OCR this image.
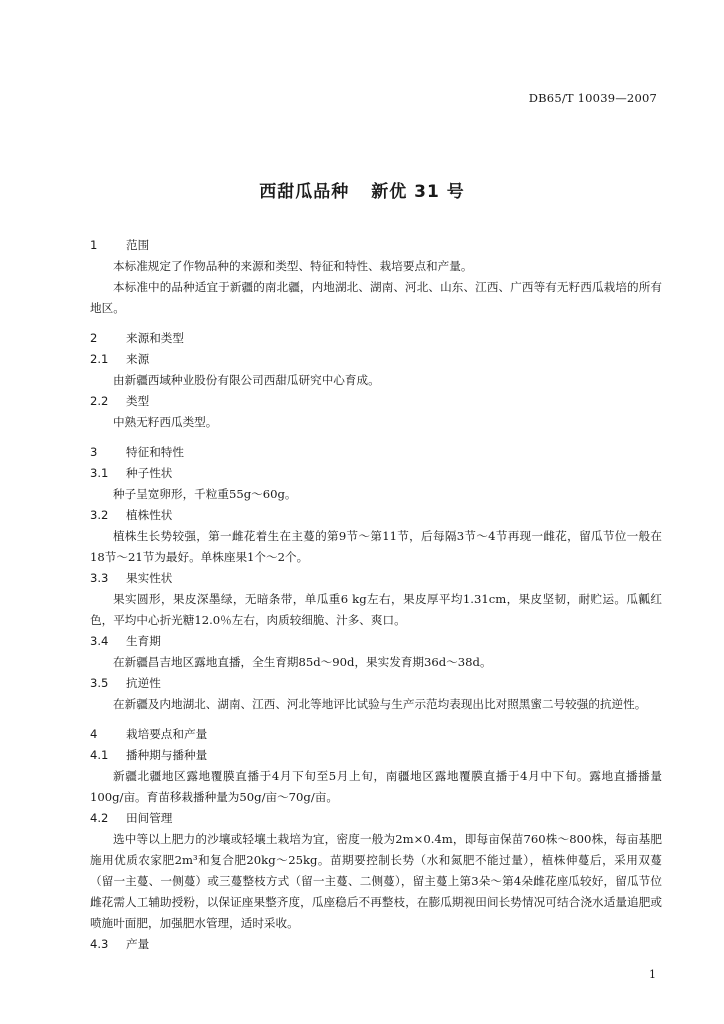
DB65/T 10039—2007
西甜瓜品种 新优 31 号
1 范围
本标准规定了作物品种的来源和类型、特征和特性、栽培要点和产量。
本标准中的品种适宜于新疆的南北疆，内地湖北、湖南、河北、山东、江西、广西等有无籽西瓜栽培的所有地区。
2 来源和类型
2.1 来源
由新疆西域种业股份有限公司西甜瓜研究中心育成。
2.2 类型
中熟无籽西瓜类型。
3 特征和特性
3.1 种子性状
种子呈宽卵形，千粒重55g～60g。
3.2 植株性状
植株生长势较强，第一雌花着生在主蔓的第9节～第11节，后每隔3节～4节再现一雌花，留瓜节位一般在18节～21节为最好。单株座果1个～2个。
3.3 果实性状
果实圆形，果皮深墨绿，无暗条带，单瓜重6 kg左右，果皮厚平均1.31cm，果皮坚韧，耐贮运。瓜瓤红色，平均中心折光糖12.0％左右，肉质较细脆、汁多、爽口。
3.4 生育期
在新疆昌吉地区露地直播，全生育期85d～90d，果实发育期36d～38d。
3.5 抗逆性
在新疆及内地湖北、湖南、江西、河北等地评比试验与生产示范均表现出比对照黑蜜二号较强的抗逆性。
4 栽培要点和产量
4.1 播种期与播种量
新疆北疆地区露地覆膜直播于4月下旬至5月上旬，南疆地区露地覆膜直播于4月中下旬。露地直播播量100g/亩。育苗移栽播种量为50g/亩～70g/亩。
4.2 田间管理
选中等以上肥力的沙壤或轻壤土栽培为宜，密度一般为2m×0.4m，即每亩保苗760株～800株，每亩基肥施用优质农家肥2m³和复合肥20kg～25kg。苗期要控制长势（水和氮肥不能过量），植株伸蔓后，采用双蔓（留一主蔓、一侧蔓）或三蔓整枝方式（留一主蔓、二侧蔓），留主蔓上第3朵～第4朵雌花座瓜较好，留瓜节位雌花需人工辅助授粉，以保证座果整齐度，瓜座稳后不再整枝，在膨瓜期视田间长势情况可结合浇水适量追肥或喷施叶面肥，加强肥水管理，适时采收。
4.3 产量
1
